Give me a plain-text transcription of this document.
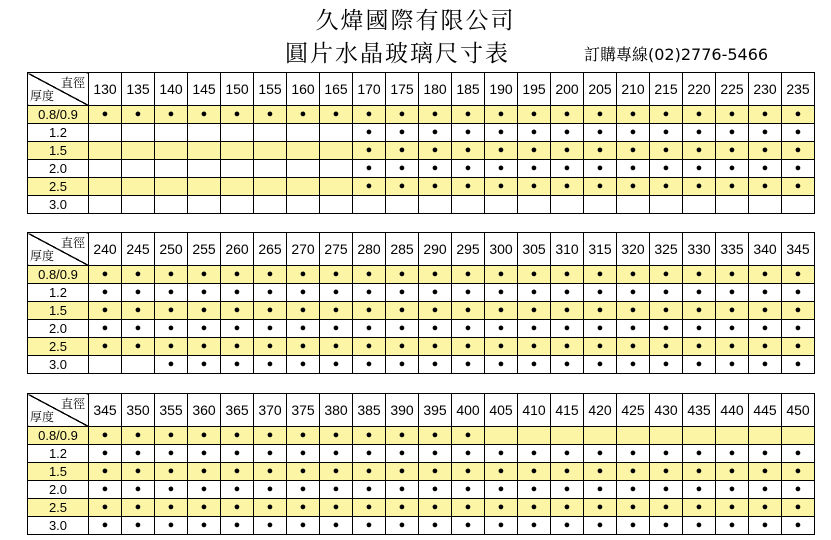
久煒國際有限公司
圓片水晶玻璃尺寸表	訂購專線(02)2776-5466
直徑
厚度	130	135	140	145	150	155	160	165	170	175	180	185	190	195	200	205	210	215	220	225	230	235
0.8/0.9	●	●	●	●	●	●	●	●	●	●	●	●	●	●	●	●	●	●	●	●	●	●
1.2									●	●	●	●	●	●	●	●	●	●	●	●	●	●
1.5									●	●	●	●	●	●	●	●	●	●	●	●	●	●
2.0									●	●	●	●	●	●	●	●	●	●	●	●	●	●
2.5									●	●	●	●	●	●	●	●	●	●	●	●	●	●
3.0																						
直徑
厚度	240	245	250	255	260	265	270	275	280	285	290	295	300	305	310	315	320	325	330	335	340	345
0.8/0.9	●	●	●	●	●	●	●	●	●	●	●	●	●	●	●	●	●	●	●	●	●	●
1.2	●	●	●	●	●	●	●	●	●	●	●	●	●	●	●	●	●	●	●	●	●	●
1.5	●	●	●	●	●	●	●	●	●	●	●	●	●	●	●	●	●	●	●	●	●	●
2.0	●	●	●	●	●	●	●	●	●	●	●	●	●	●	●	●	●	●	●	●	●	●
2.5	●	●	●	●	●	●	●	●	●	●	●	●	●	●	●	●	●	●	●	●	●	●
3.0			●	●	●	●	●	●	●	●	●	●	●	●	●	●	●	●	●	●	●	●
直徑
厚度	345	350	355	360	365	370	375	380	385	390	395	400	405	410	415	420	425	430	435	440	445	450
0.8/0.9	●	●	●	●	●	●	●	●	●	●	●	●										
1.2	●	●	●	●	●	●	●	●	●	●	●	●	●	●	●	●	●	●	●	●	●	●
1.5	●	●	●	●	●	●	●	●	●	●	●	●	●	●	●	●	●	●	●	●	●	●
2.0	●	●	●	●	●	●	●	●	●	●	●	●	●	●	●	●	●	●	●	●	●	●
2.5	●	●	●	●	●	●	●	●	●	●	●	●	●	●	●	●	●	●	●	●	●	●
3.0	●	●	●	●	●	●	●	●	●	●	●	●	●	●	●	●	●	●	●	●	●	●
